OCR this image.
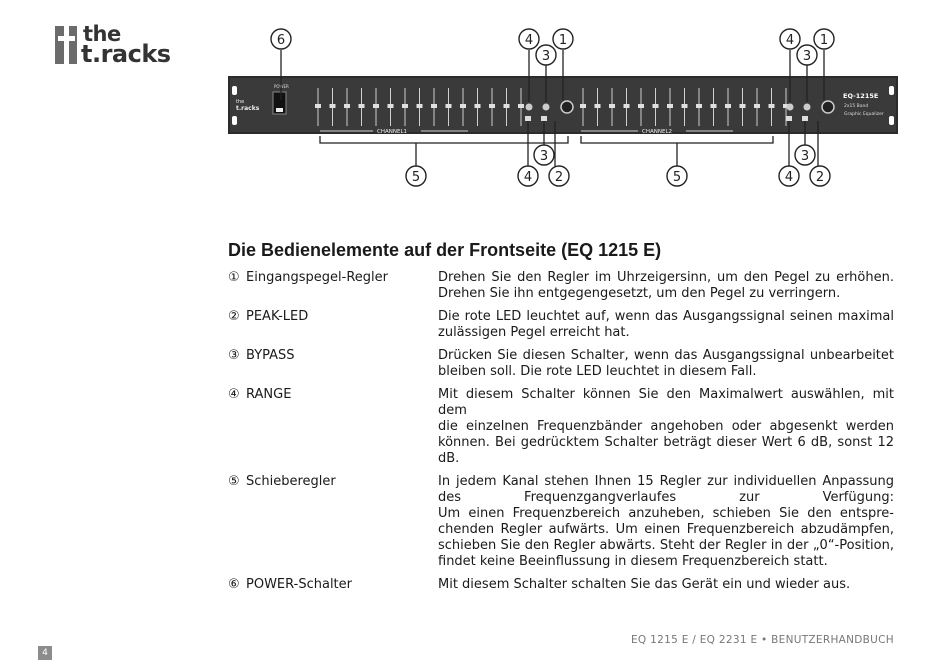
the
t.racks
POWER
the
t.racks
CHANNEL1	CHANNEL2
EQ-1215E
2x15 Band
Graphic Equalizer
6	4
3
1	4
3
1
5	4
3
2	5	4
3
2
Die Bedienelemente auf der Frontseite (EQ 1215 E)
① Eingangspegel-Regler	Drehen Sie den Regler im Uhrzeigersinn, um den Pegel zu erhöhen.
Drehen Sie ihn entgegengesetzt, um den Pegel zu verringern.
② PEAK-LED	Die rote LED leuchtet auf, wenn das Ausgangssignal seinen maximal
zulässigen Pegel erreicht hat.
③ BYPASS	Drücken Sie diesen Schalter, wenn das Ausgangssignal unbearbeitet
bleiben soll. Die rote LED leuchtet in diesem Fall.
④ RANGE	Mit diesem Schalter können Sie den Maximalwert auswählen, mit dem
die einzelnen Frequenzbänder angehoben oder abgesenkt werden
können. Bei gedrücktem Schalter beträgt dieser Wert 6 dB, sonst 12 dB.
⑤ Schieberegler	In jedem Kanal stehen Ihnen 15 Regler zur individuellen Anpassung
des Frequenzgangverlaufes zur Verfügung:
Um einen Frequenzbereich anzuheben, schieben Sie den entspre-
chenden Regler aufwärts. Um einen Frequenzbereich abzudämpfen,
schieben Sie den Regler abwärts. Steht der Regler in der „0“-Position,
findet keine Beeinflussung in diesem Frequenzbereich statt.
⑥ POWER-Schalter	Mit diesem Schalter schalten Sie das Gerät ein und wieder aus.
EQ 1215 E / EQ 2231 E • BENUTZERHANDBUCH
4
